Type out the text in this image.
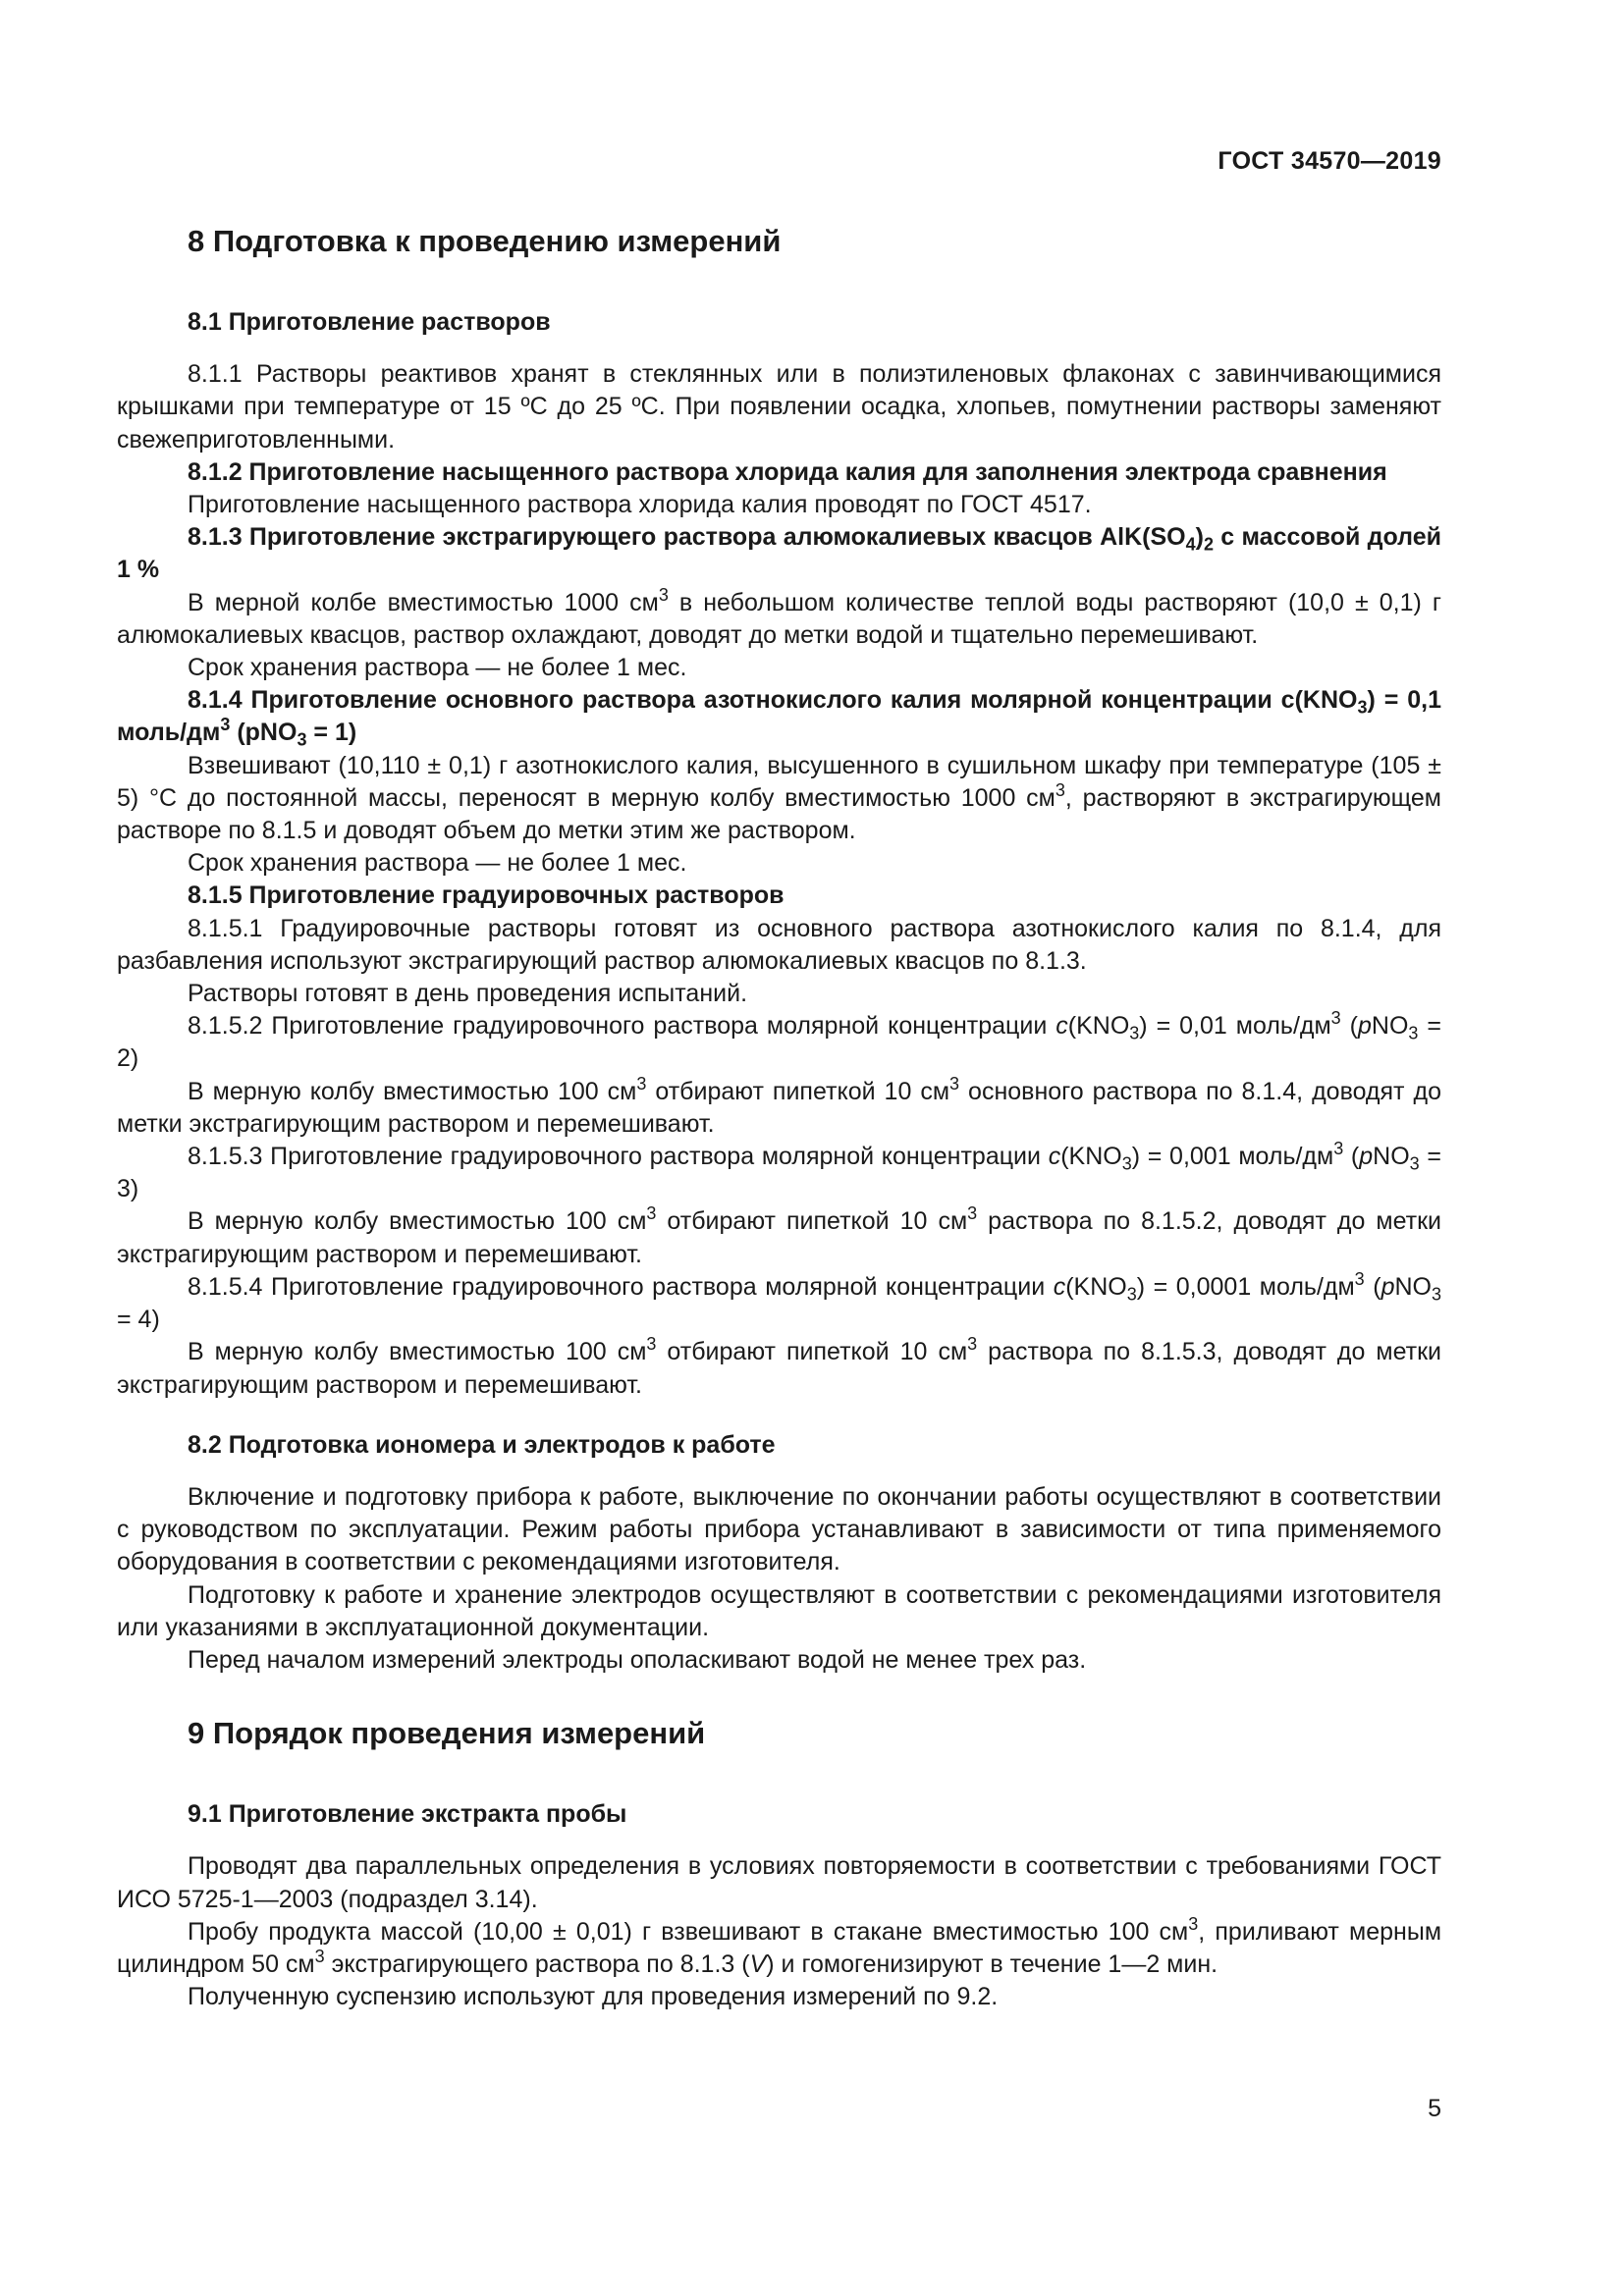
ГОСТ 34570—2019
8 Подготовка к проведению измерений
8.1 Приготовление растворов

8.1.1 Растворы реактивов хранят в стеклянных или в полиэтиленовых флаконах с завинчивающимися крышками при температуре от 15 ºС до 25 ºС. При появлении осадка, хлопьев, помутнении растворы заменяют свежеприготовленными.

8.1.2 Приготовление насыщенного раствора хлорида калия для заполнения электрода сравнения

Приготовление насыщенного раствора хлорида калия проводят по ГОСТ 4517.

8.1.3 Приготовление экстрагирующего раствора алюмокалиевых квасцов $AlK(SO_4)_2$ с массовой долей 1 %

В мерной колбе вместимостью 1000 $см^3$ в небольшом количестве теплой воды растворяют (10,0 ± 0,1) г алюмокалиевых квасцов, раствор охлаждают, доводят до метки водой и тщательно перемешивают.

Срок хранения раствора — не более 1 мес.

8.1.4 Приготовление основного раствора азотнокислого калия молярной концентрации $с(KNO_3) = 0,1$ моль/$дм^3$ (pNO$_3$ = 1)

Взвешивают (10,110 ± 0,1) г азотнокислого калия, высушенного в сушильном шкафу при температуре (105 ± 5) °С до постоянной массы, переносят в мерную колбу вместимостью 1000 $см^3$, растворяют в экстрагирующем растворе по 8.1.5 и доводят объем до метки этим же раствором.

Срок хранения раствора — не более 1 мес.

8.1.5 Приготовление градуировочных растворов

8.1.5.1 Градуировочные растворы готовят из основного раствора азотнокислого калия по 8.1.4, для разбавления используют экстрагирующий раствор алюмокалиевых квасцов по 8.1.3.

Растворы готовят в день проведения испытаний.

8.1.5.2 Приготовление градуировочного раствора молярной концентрации $c(KNO_3) = 0,01$ моль/$дм^3$ (pNO$_3$ = 2)

В мерную колбу вместимостью 100 $см^3$ отбирают пипеткой 10 $см^3$ основного раствора по 8.1.4, доводят до метки экстрагирующим раствором и перемешивают.

8.1.5.3 Приготовление градуировочного раствора молярной концентрации $c(KNO_3) = 0,001$ моль/$дм^3$ (pNO$_3$ = 3)

В мерную колбу вместимостью 100 $см^3$ отбирают пипеткой 10 $см^3$ раствора по 8.1.5.2, доводят до метки экстрагирующим раствором и перемешивают.

8.1.5.4 Приготовление градуировочного раствора молярной концентрации $c(KNO_3) = 0,0001$ моль/$дм^3$ (pNO$_3$ = 4)

В мерную колбу вместимостью 100 $см^3$ отбирают пипеткой 10 $см^3$ раствора по 8.1.5.3, доводят до метки экстрагирующим раствором и перемешивают.

8.2 Подготовка иономера и электродов к работе

Включение и подготовку прибора к работе, выключение по окончании работы осуществляют в соответствии с руководством по эксплуатации. Режим работы прибора устанавливают в зависимости от типа применяемого оборудования в соответствии с рекомендациями изготовителя.

Подготовку к работе и хранение электродов осуществляют в соответствии с рекомендациями изготовителя или указаниями в эксплуатационной документации.

Перед началом измерений электроды ополаскивают водой не менее трех раз.

9 Порядок проведения измерений
9.1 Приготовление экстракта пробы

Проводят два параллельных определения в условиях повторяемости в соответствии с требованиями ГОСТ ИСО 5725-1—2003 (подраздел 3.14).

Пробу продукта массой (10,00 ± 0,01) г взвешивают в стакане вместимостью 100 $см^3$, приливают мерным цилиндром 50 $см^3$ экстрагирующего раствора по 8.1.3 (V) и гомогенизируют в течение 1—2 мин.

Полученную суспензию используют для проведения измерений по 9.2.

5
